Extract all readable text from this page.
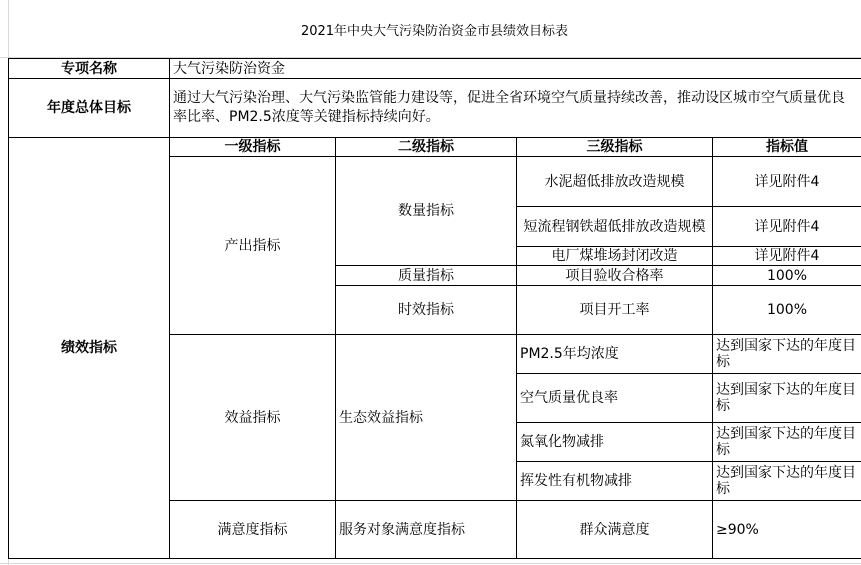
2021年中央大气污染防治资金市县绩效目标表
专项名称	大气污染防治资金			
年度总体目标	通过大气污染治理、大气污染监管能力建设等，促进全省环境空气质量持续改善，推动设区城市空气质量优良率比率、PM2.5浓度等关键指标持续向好。			
绩效指标	一级指标	二级指标	三级指标	指标值
	产出指标	数量指标	水泥超低排放改造规模	详见附件4
			短流程钢铁超低排放改造规模	详见附件4
			电厂煤堆场封闭改造	详见附件4
		质量指标	项目验收合格率	100%
		时效指标	项目开工率	100%

	效益指标	生态效益指标	PM2.5年均浓度	达到国家下达的年度目标
			空气质量优良率	达到国家下达的年度目标
			氮氧化物减排	达到国家下达的年度目标
			挥发性有机物减排	达到国家下达的年度目标
	满意度指标	服务对象满意度指标	群众满意度	≥90%
